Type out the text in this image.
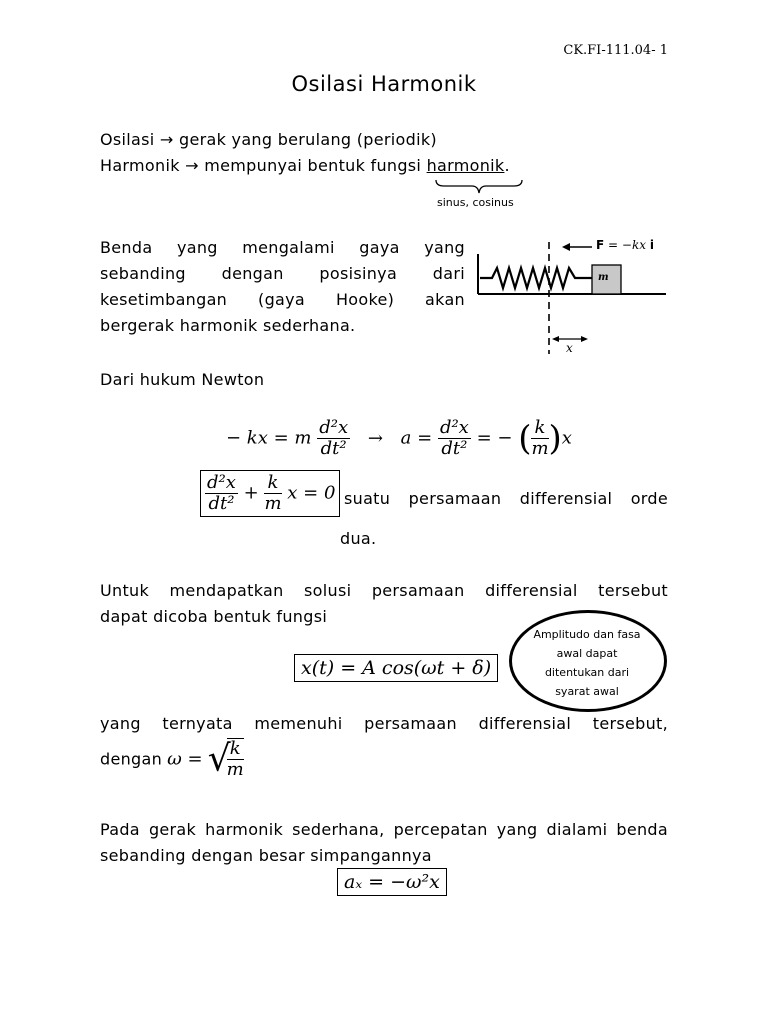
CK.FI-111.04- 1
Osilasi Harmonik
Osilasi → gerak yang berulang (periodik)
Harmonik → mempunyai bentuk fungsi harmonik.
sinus, cosinus
Benda yang mengalami gaya yang
sebanding dengan posisinya dari
kesetimbangan (gaya Hooke) akan
bergerak harmonik sederhana.
F = −kx i
m
x
Dari hukum Newton
− kx = m $\frac{\text{d²x}}{\text{dt²}} \to a = \frac{\text{d²x}}{\text{dt²}}$ = − ( $\frac{k}{m} )x$
$\frac{\text{d²x}}{\text{dt²}} + \frac{k}{m}$ x = 0 suatu persamaan differensial orde
dua.
Untuk mendapatkan solusi persamaan differensial tersebut
dapat dicoba bentuk fungsi
x(t) = A cos(ωt + δ)
Amplitudo dan fasa
awal dapat
ditentukan dari
syarat awal
yang ternyata memenuhi persamaan differensial tersebut,
dengan ω = √
$\frac{k}{m}$
Pada gerak harmonik sederhana, percepatan yang dialami benda
sebanding dengan besar simpangannya
aₓ = −ω²x
